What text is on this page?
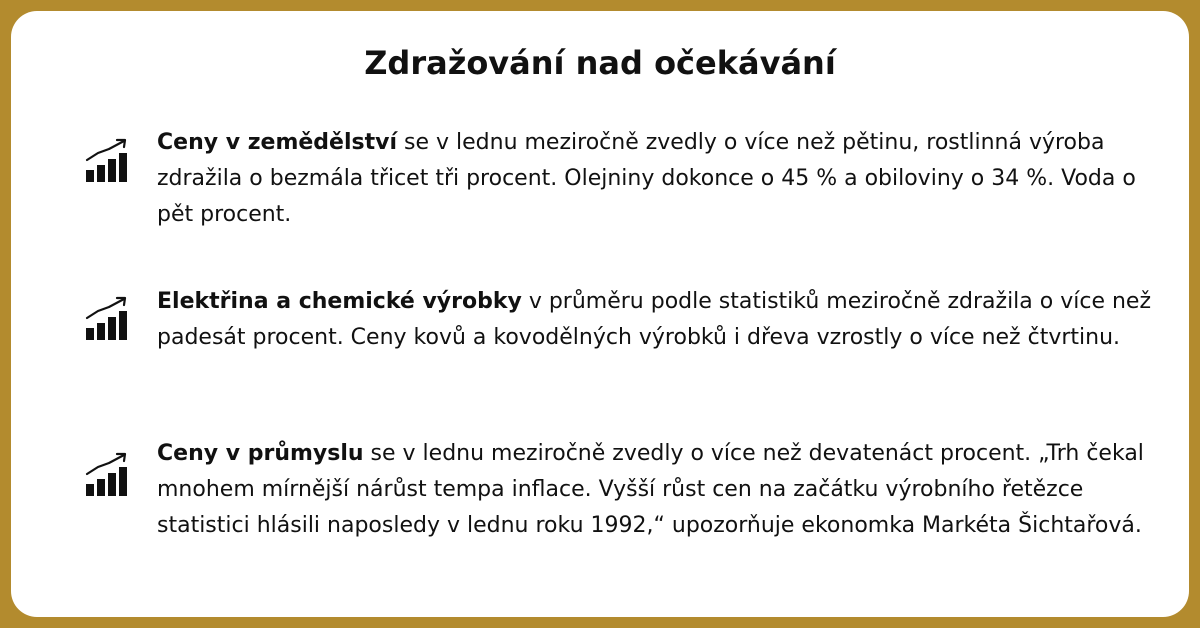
Zdražování nad očekávání
Ceny v zemědělství se v lednu meziročně zvedly o více než pětinu, rostlinná výroba zdražila o bezmála třicet tři procent. Olejniny dokonce o 45 % a obiloviny o 34 %. Voda o pět procent.
Elektřina a chemické výrobky v průměru podle statistiků meziročně zdražila o více než padesát procent. Ceny kovů a kovodělných výrobků i dřeva vzrostly o více než čtvrtinu.
Ceny v průmyslu se v lednu meziročně zvedly o více než devatenáct procent. „Trh čekal mnohem mírnější nárůst tempa inflace. Vyšší růst cen na začátku výrobního řetězce statistici hlásili naposledy v lednu roku 1992,“ upozorňuje ekonomka Markéta Šichtařová.
